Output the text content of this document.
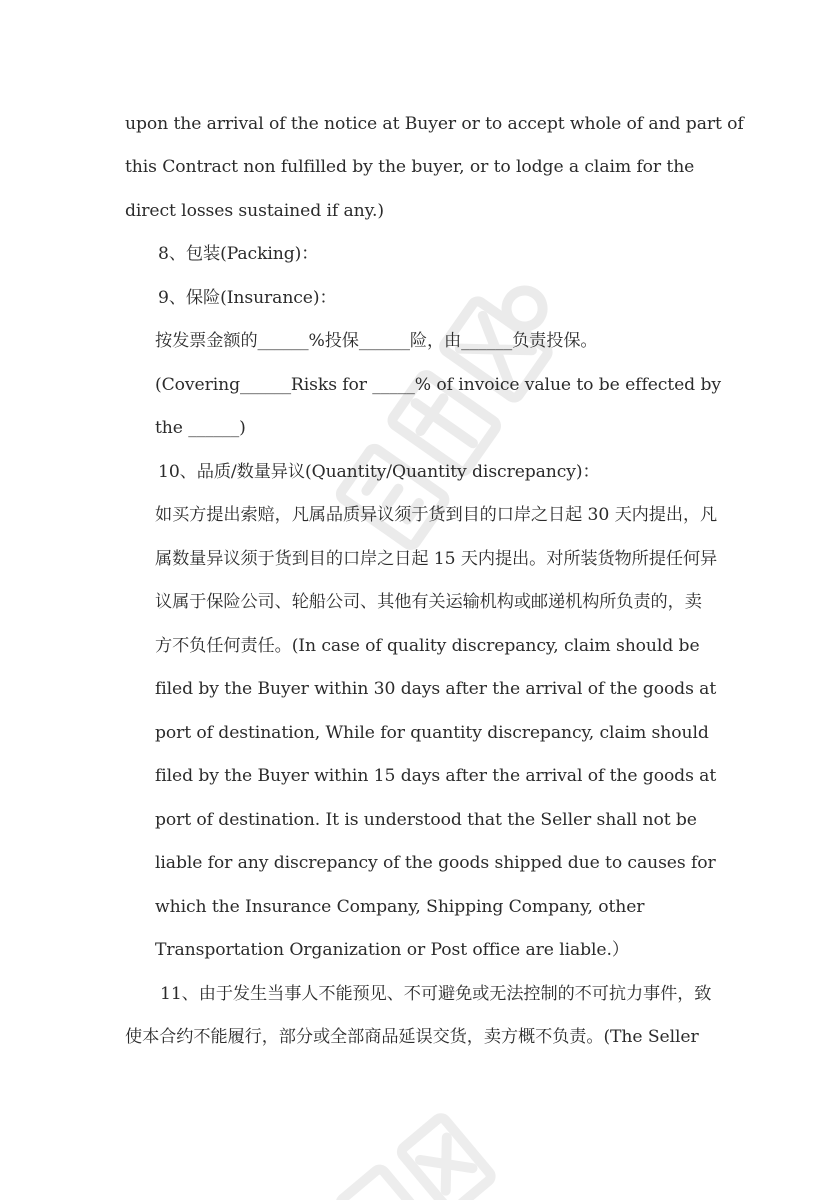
upon the arrival of the notice at Buyer or to accept whole of and part of
this Contract non fulfilled by the buyer, or to lodge a claim for the
direct losses sustained if any.)
8、包装(Packing)：
9、保险(Insurance)：
按发票金额的______%投保______险，由______负责投保。
(Covering______Risks for _____% of invoice value to be effected by
the ______)
10、品质/数量异议(Quantity/Quantity discrepancy)：
如买方提出索赔，凡属品质异议须于货到目的口岸之日起 30 天内提出，凡
属数量异议须于货到目的口岸之日起 15 天内提出。对所装货物所提任何异
议属于保险公司、轮船公司、其他有关运输机构或邮递机构所负责的，卖
方不负任何责任。(In case of quality discrepancy, claim should be
filed by the Buyer within 30 days after the arrival of the goods at
port of destination, While for quantity discrepancy, claim should
filed by the Buyer within 15 days after the arrival of the goods at
port of destination. It is understood that the Seller shall not be
liable for any discrepancy of the goods shipped due to causes for
which the Insurance Company, Shipping Company, other
Transportation Organization or Post office are liable.）
11、由于发生当事人不能预见、不可避免或无法控制的不可抗力事件，致
使本合约不能履行，部分或全部商品延误交货，卖方概不负责。(The Seller
